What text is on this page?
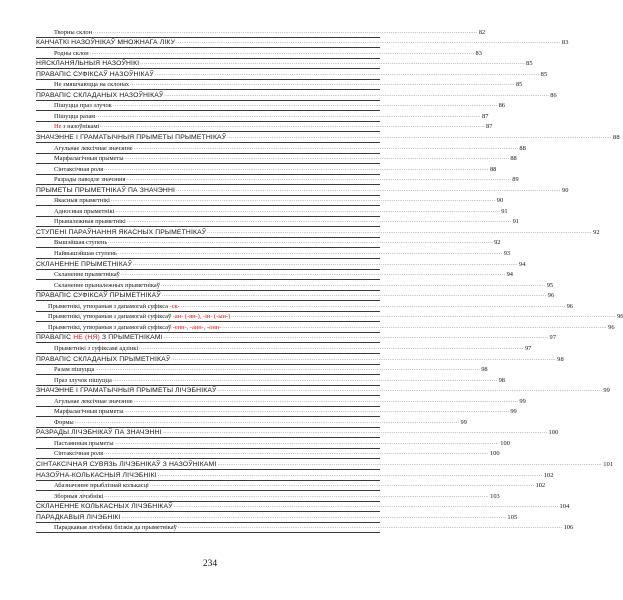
Творны склон .....	82
КАНЧАТКІ НАЗОЎНІКАЎ МНОЖНАГА ЛІКУ .....	83
Родны склон .....	83
НЯСКЛАНЯЛЬНЫЯ НАЗОЎНІКІ .....	85
ПРАВАПІС СУФІКСАЎ НАЗОЎНІКАЎ .....	85
Не змяшчаюцца на склонах .....	85
ПРАВАПІС СКЛАДАНЫХ НАЗОЎНІКАЎ .....	86
Пішуцца праз злучок .....	86
Пішуцца разам .....	87
Не з назоўнікамі .....	87
ЗНАЧЭННЕ І ГРАМАТЫЧНЫЯ ПРЫМЕТЫ ПРЫМЕТНІКАЎ .....	88
Агульнае лексічнае значэнне .....	88
Марфалагічныя прыметы .....	88
Сінтаксічная роля .....	88
Разрады паводле значэння .....	89
ПРЫМЕТЫ ПРЫМЕТНІКАЎ ПА ЗНАЧЭННІ .....	90
Якасныя прыметнікі .....	90
Адносныя прыметнікі .....	91
Прыналежныя прыметнікі .....	91
СТУПЕНІ ПАРАЎНАННЯ ЯКАСНЫХ ПРЫМЕТНІКАЎ .....	92
Вышэйшая ступень .....	92
Найвышэйшая ступень .....	93
СКЛАНЕННЕ ПРЫМЕТНІКАЎ .....	94
Скланенне прыметнікаў .....	94
Скланенне прыналежных прыметнікаў .....	95
ПРАВАПІС СУФІКСАЎ ПРЫМЕТНІКАЎ .....	96
Прыметнікі, утвораныя з дапамогай суфікса -ск- .....	96
Прыметнікі, утвораныя з дапамогай суфіксаў -ан- (-ян-), -ін- (-ын-) .....	96
Прыметнікі, утвораныя з дапамогай суфіксаў -енн-, -анн-, -онн- .....	96
ПРАВАПІС НЕ (НЯ) З ПРЫМЕТНІКАМІ .....	97
Прыметнікі з суфіксамі адзінкі .....	97
ПРАВАПІС СКЛАДАНЫХ ПРЫМЕТНІКАЎ .....	98
Разам пішуцца .....	98
Праз злучок пішуцца .....	98
ЗНАЧЭННЕ І ГРАМАТЫЧНЫЯ ПРЫМЕТЫ ЛІЧЭБНІКАЎ .....	99
Агульнае лексічнае значэнне .....	99
Марфалагічныя прыметы .....	99
Формы .....	99
РАЗРАДЫ ЛІЧЭБНІКАЎ ПА ЗНАЧЭННІ .....	100
Пастаянныя прыметы .....	100
Сінтаксічная роля .....	100
СІНТАКСІЧНАЯ СУВЯЗЬ ЛІЧЭБНІКАЎ З НАЗОЎНІКАМІ .....	101
НАЗОЎНА-КОЛЬКАСНЫЯ ЛІЧЭБНІКІ .....	102
Абазначэнне прыблізнай колькасці .....	102
Зборныя лічэбнікі .....	103
СКЛАНЕННЕ КОЛЬКАСНЫХ ЛІЧЭБНІКАЎ .....	104
ПАРАДКАВЫЯ ЛІЧЭБНІКІ .....	105
Парадкавыя лічэбнікі блізкія да прыметнікаў .....	106
234
